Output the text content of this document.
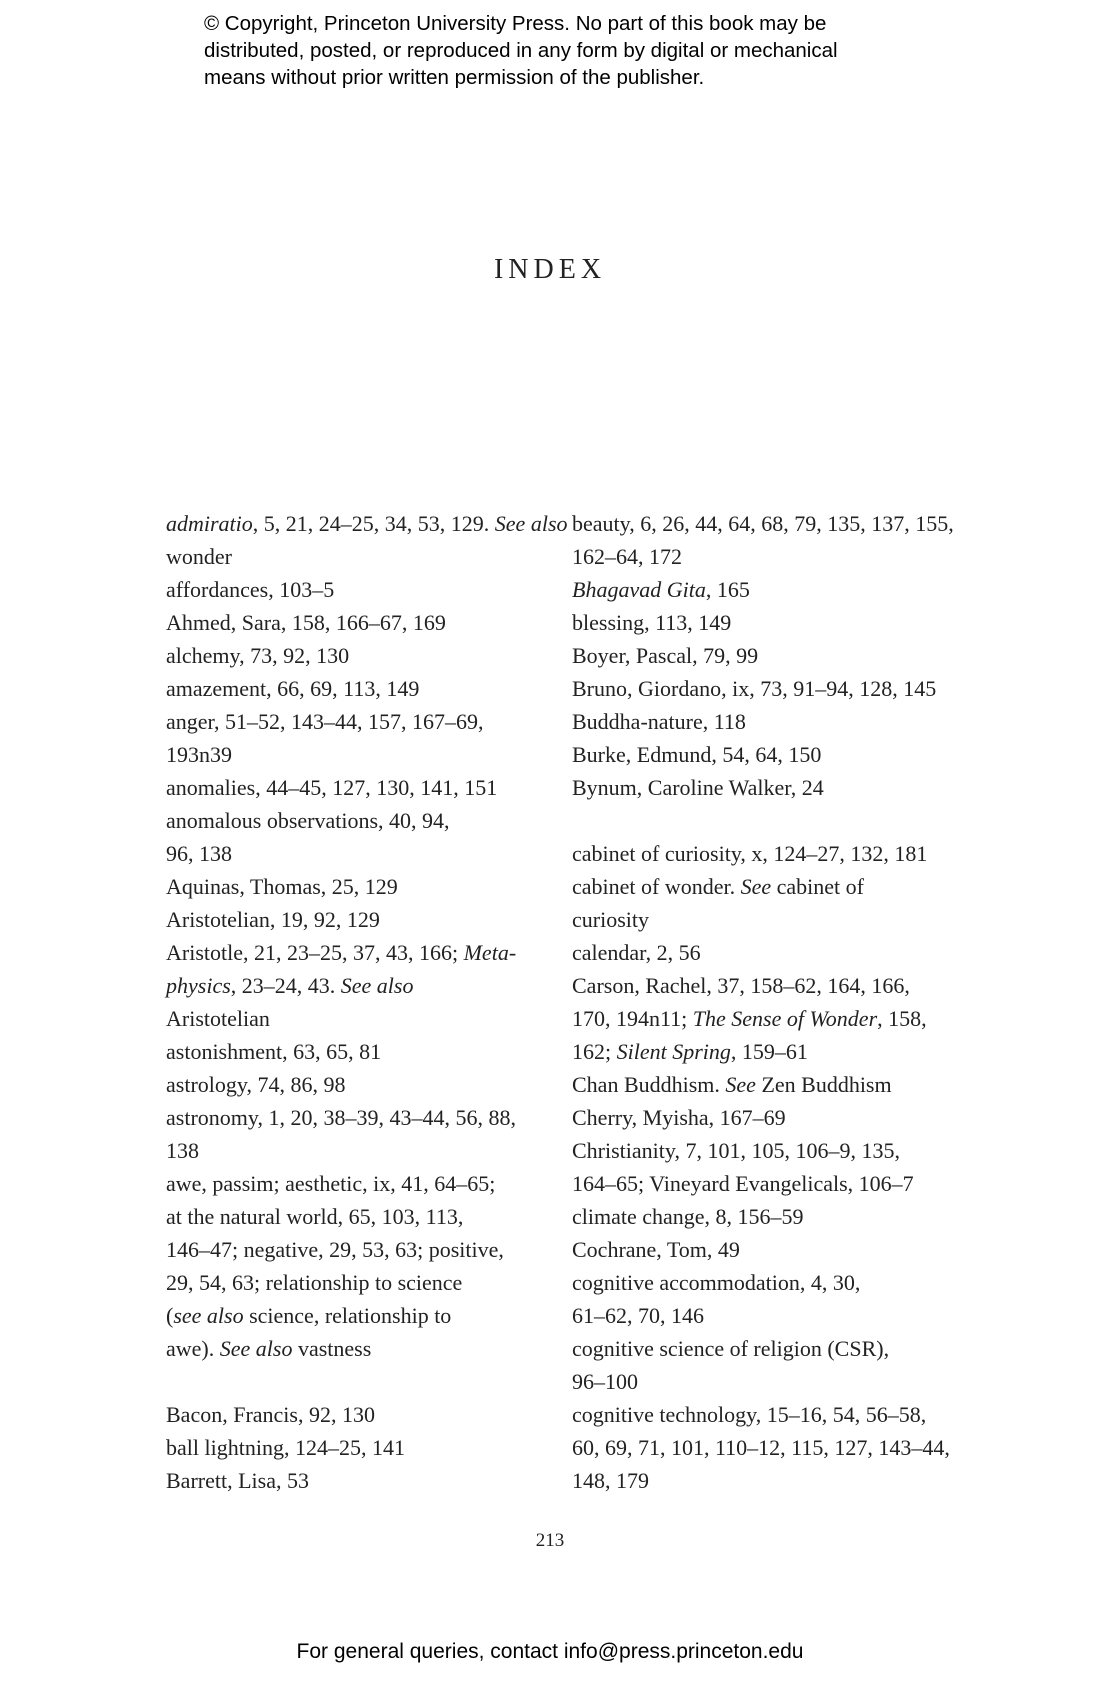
© Copyright, Princeton University Press. No part of this book may be
distributed, posted, or reproduced in any form by digital or mechanical
means without prior written permission of the publisher.
INDEX
admiratio, 5, 21, 24–25, 34, 53, 129. See also
wonder
affordances, 103–5
Ahmed, Sara, 158, 166–67, 169
alchemy, 73, 92, 130
amazement, 66, 69, 113, 149
anger, 51–52, 143–44, 157, 167–69,
193n39
anomalies, 44–45, 127, 130, 141, 151
anomalous observations, 40, 94,
96, 138
Aquinas, Thomas, 25, 129
Aristotelian, 19, 92, 129
Aristotle, 21, 23–25, 37, 43, 166; Meta-
physics, 23–24, 43. See also
Aristotelian
astonishment, 63, 65, 81
astrology, 74, 86, 98
astronomy, 1, 20, 38–39, 43–44, 56, 88,
138
awe, passim; aesthetic, ix, 41, 64–65;
at the natural world, 65, 103, 113,
146–47; negative, 29, 53, 63; positive,
29, 54, 63; relationship to science
(see also science, relationship to
awe). See also vastness
Bacon, Francis, 92, 130
ball lightning, 124–25, 141
Barrett, Lisa, 53
beauty, 6, 26, 44, 64, 68, 79, 135, 137, 155,
162–64, 172
Bhagavad Gita, 165
blessing, 113, 149
Boyer, Pascal, 79, 99
Bruno, Giordano, ix, 73, 91–94, 128, 145
Buddha-nature, 118
Burke, Edmund, 54, 64, 150
Bynum, Caroline Walker, 24
cabinet of curiosity, x, 124–27, 132, 181
cabinet of wonder. See cabinet of
curiosity
calendar, 2, 56
Carson, Rachel, 37, 158–62, 164, 166,
170, 194n11; The Sense of Wonder, 158,
162; Silent Spring, 159–61
Chan Buddhism. See Zen Buddhism
Cherry, Myisha, 167–69
Christianity, 7, 101, 105, 106–9, 135,
164–65; Vineyard Evangelicals, 106–7
climate change, 8, 156–59
Cochrane, Tom, 49
cognitive accommodation, 4, 30,
61–62, 70, 146
cognitive science of religion (CSR),
96–100
cognitive technology, 15–16, 54, 56–58,
60, 69, 71, 101, 110–12, 115, 127, 143–44,
148, 179
213
For general queries, contact info@press.princeton.edu
